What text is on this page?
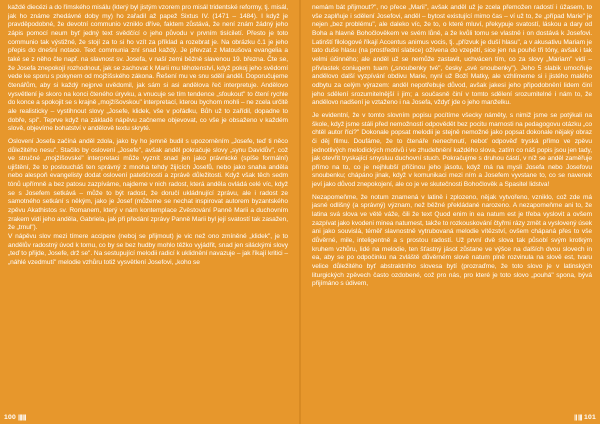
každé diecézi a do římského misálu (který byl jistým vzorem pro misál tridentské reformy, tj. misál, jak ho známe zhedávné doby my) ho zařadil až papež Sixtus IV. (1471 – 1484). I když je pravděpodobné, že devotní communio vzniklo dříve, faktem zůstává, že není znám žádný jeho zápis pomocí neum byť jedný text svědčící o jeho původu v prvním tisíciletí. Přesto je toto communio tak výstižné, že stojí za to si ho vzít za příklad a rozebrat je. Na obrázku č.1 je jeho přepis do dnešní notace. Text communia zní snad každý. Je převzat z Matoušova evangelia a také se z něho čte např. na slavnost sv. Josefa, v naší zemi běžně slavenou 19. března. Čte se, že Josefa znepokojí rozhodnout, jak se zachovat k Marii mu těhotenství, když pokoj jeho svědomí vede ke sporu s pokynem od mojžíšského zákona. Řešení mu ve snu sdělí anděl. Doporučujeme čtenářům, aby si každý nejprve uvědomil, jak sám si asi andělova řeč interpretuje. Andělovo vysvětlení je skoro na konci čteného úryvku, a vnucuje se tím tendence „sfoukout" to čtení rychle do konce a spokojit se s krajně „mojžíšovskou" interpretací, kterou bychom mohli – ne zcela určitě ale realisticky – vystihnout slovy „Josefe, klidek, vše v pořádku, Bůh už to zařídil, dopadne to dobře, spi". Teprve když na základě nápěvu začneme objevovat, co vše je obsaženo v každém slově, objevíme bohatství v andělově textu skryté.

Oslovení Josefa začíná anděl zdola, jako by ho jemně budil s upozorněním „Josefe, teď ti něco důležitého nesu". Stačilo by oslovení „Josefe", avšak anděl pokračuje slovy „synu Davidův", což ve stručné „mojžíšovské" interpretaci může vyznít snad jen jako právnické (spíše formální) ujištění, že to posloucháš ten správný z mnoha tehdy žijících Josefů, nebo jako snaha anděla nebo alespoň evangelisty dodat oslovení patetičnosti a zprávě důležitosti. Když však těch sedm tónů upřímně a bez patosu zazpíváme, najdeme v nich radost, která anděla ovládá celé víc, když se s Josefem setkává – může to být radost, že doručí ukládnující zprávu, ale i radost ze samotného setkání s někým, jako je Josef (můžeme se nechat inspirovat autorem byzantského zpěvu Akathistos sv. Romanem, který v nám kontemplace Zvěstování Panně Marii a duchovním zrakem vidí jeho anděla, Gabriela, jak při předání zprávy Panně Marii byl její svatostí tak zasažen, že „trnul").

V nápěvu slov mezi tímere accipere (neboj se přijmout) je vic než ono zmíněné „klidek", je to andělův radostný úvod k tomu, co by se bez hudby mohlo těžko vyjádřit, snad jen siláckými slovy „teď to přijde, Josefe, drž se". Na sestupující melodii radicí k uklidnění navazuje – jak říkají kritici – „náhlé vzedmutí" melodie vzhůru totiž vysvětlení Josefovi, „koho se

100 ||||||

nemám bát přijmout?", no přece „Marii", avšak anděl už je zcela přemožen radostí i úžasem, to vše zaplňuje i sdělení Josefovi, anděl – bytost existující mimo čas – ví už to, že „případ Marie" je nejen „bez problému", ale daleko víc, že to, o které mluví, překypuje svatostí, láskou a dary od Boha a hlavně Bohočlověkem ve svém lůně, a že kvůli tomu se vlastně i on dostává k Josefovi. Latinští filologové říkají Accentus animus vocis, tj. „přízvuk je duší hlasu", a v akusativu Mariam je tato duše hlasu (na prostřední slabice) ožívena do vzepětí, sice jen na pouhé tři tóny, avšak i tak velmi účinného; ale anděl už se nemůže zastavit, uchvácen tím, co za slovy „Mariam" vidí – přivlastek coniugem tuam („snoubenky tvé", česky „své snoubenky"). Jeho 5 slabik umocňuje andělovo další vyzpívání obdivu Marie, nyní už Boží Matky, ale vzhlímeme si i jistého malého odbytu za celým výrazem: anděl nepotřebuje důvod, avšak jakesi jeho připodobnění lidem činí jeho sdělení srozumitelnější i jim; a současně činí v tomto sdělení srozumitelné i nám to, že andělovo nadšení je vztaženo i na Josefa, vždyť jde o jeho manželku.

Je evidentní, že v tomto slovním popisu pocítíme všecky náměty, s nimiž jsme se potýkali na škole, když jsme stáli před nemožností odpovědět bez pocitu marnosti na pedagogovu otázku „co chtěl autor říci?" Dokonale popsat melodii je stejně nemožné jako popsat dokonale nějaký obraz či děj filmu. Doufáme, že to čtenáře nenechnutí, neboť odpověď tryská přímo ve zpěvu jednotlivých melodických motivů i ve zhudebnění každého slova, zatím co náš popis jsou jen tady, jak otevřít tryskající smysluu duchovní stuch. Pokračujme s druhou částí, v níž se anděl zaměřuje přímo na to, co je nejhlubší příčinou jeho jásotu, když má na mysli Josefa nebo Josefovu snoubenku; chápáno jinak, když v komunikaci mezi ním a Josefem vyvstane to, co se navenek jeví jako důvod znepokojení, ale co je ve skutečnosti Bohočlověk a Spasitel lidstva!

Nezapomeňme, že notum znamená v latině i zplozeno, nějak vytvořeno, vzniklo, což zde má jasné odlišný (a správný) význam, než běžné překládané narozeno. A nezapomeňme ani to, že latina svá slova ve větě váže, čili že text Quod enim in ea natum est je třeba vyslovit a ovšem zazpívat jako kvodeni minea natumest, takže to rozkouskování čtyřmi rázy změt a vyslovený úsek ani jako souvislá, téměř slavnostně vytrubovaná melodie vítězství, ovšem chápaná přes to vše důvěrné, mile, inteligentně a s prostou radostí. Už první dvě slova tak působí svým krotkým kruhem vzhůru, lidé na melodie, ten šťastný jásot zůstane ve výšce na dalších dvou slovech in ea, aby se po odpočinku na zvláště důvěrném slově natum plně rozvinula na slově est, tvaru velice důležitého byť abstraktního slovesa bytí (prozraďme, že toto slovo je v latinských liturgických zpěvech často ozdobené, což pro nás, pro které je toto slovo „pouhá" spona, bývá přijímáno s údivem,

|| ||| 101
